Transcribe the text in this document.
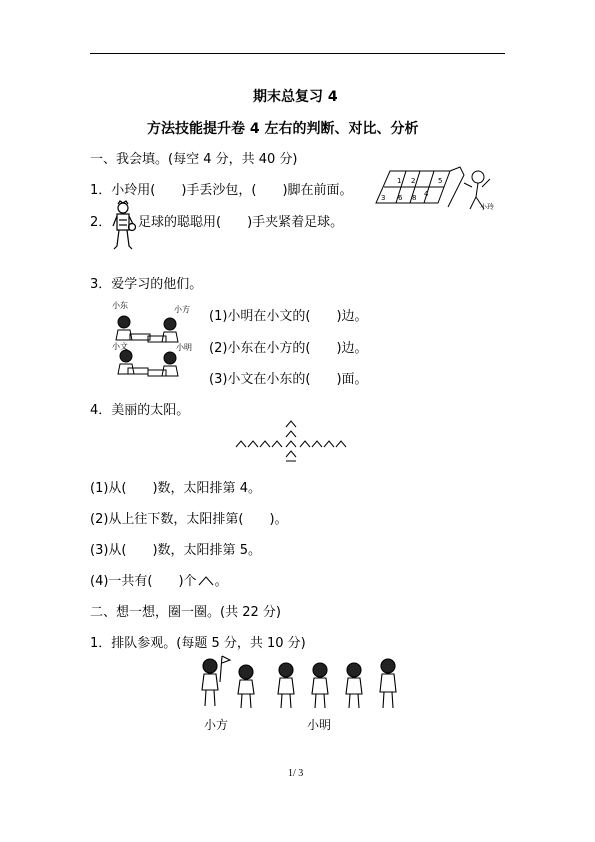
期末总复习 4
方法技能提升卷 4 左右的判断、对比、分析
一、我会填。(每空 4 分，共 40 分)
1．小玲用(　　)手丢沙包，(　　)脚在前面。
1 2
4
5
3 6 8
小玲
2． 足球的聪聪用(　　)手夹紧着足球。
3．爱学习的他们。
小东	小方
小文	小明
(1)小明在小文的(　　)边。
(2)小东在小方的(　　)边。
(3)小文在小东的(　　)面。
4．美丽的太阳。
(1)从(　　)数，太阳排第 4。
(2)从上往下数，太阳排第(　　)。
(3)从(　　)数，太阳排第 5。
(4)一共有(　　)个 。
二、想一想，圈一圈。(共 22 分)
1．排队参观。(每题 5 分，共 10 分)
小方	小明
1/ 3
